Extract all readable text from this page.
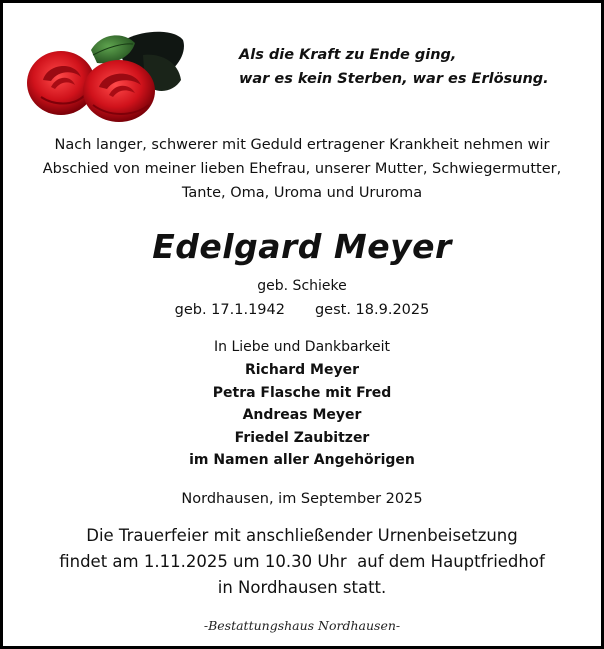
Als die Kraft zu Ende ging,
war es kein Sterben, war es Erlösung.
Nach langer, schwerer mit Geduld ertragener Krankheit nehmen wir
Abschied von meiner lieben Ehefrau, unserer Mutter, Schwiegermutter,
Tante, Oma, Uroma und Ururoma
Edelgard Meyer
geb. Schieke
geb. 17.1.1942 gest. 18.9.2025
In Liebe und Dankbarkeit
Richard Meyer
Petra Flasche mit Fred
Andreas Meyer
Friedel Zaubitzer
im Namen aller Angehörigen
Nordhausen, im September 2025
Die Trauerfeier mit anschließender Urnenbeisetzung
findet am 1.11.2025 um 10.30 Uhr  auf dem Hauptfriedhof
in Nordhausen statt.
-Bestattungshaus Nordhausen-
